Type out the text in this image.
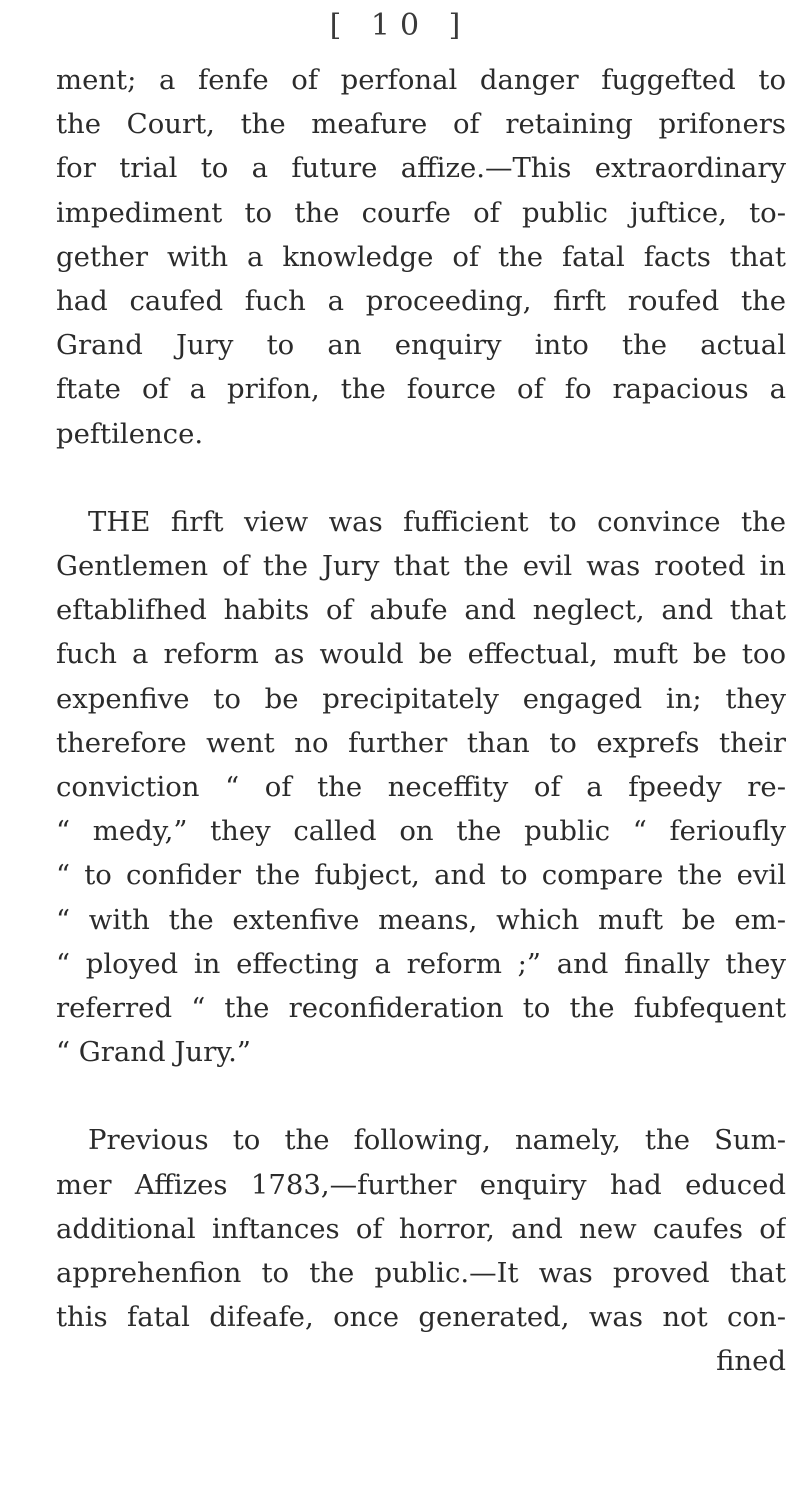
[ 10 ]

ment; a fenfe of perfonal danger fuggefted to
the Court, the meafure of retaining prifoners
for trial to a future affize.—This extraordinary
impediment to the courfe of public juftice, to-
gether with a knowledge of the fatal facts that
had caufed fuch a proceeding, firft roufed the
Grand Jury to an enquiry into the actual
ftate of a prifon, the fource of fo rapacious a
peftilence.

THE firft view was fufficient to convince the
Gentlemen of the Jury that the evil was rooted in
eftablifhed habits of abufe and neglect, and that
fuch a reform as would be effectual, muft be too
expenfive to be precipitately engaged in; they
therefore went no further than to exprefs their
conviction “ of the neceffity of a fpeedy re-
“ medy,” they called on the public “ ferioufly
“ to confider the fubject, and to compare the evil
“ with the extenfive means, which muft be em-
“ ployed in effecting a reform ;” and finally they
referred “ the reconfideration to the fubfequent
“ Grand Jury.”

Previous to the following, namely, the Sum-
mer Affizes 1783,—further enquiry had educed
additional inftances of horror, and new caufes of
apprehenfion to the public.—It was proved that
this fatal difeafe, once generated, was not con-
fined
